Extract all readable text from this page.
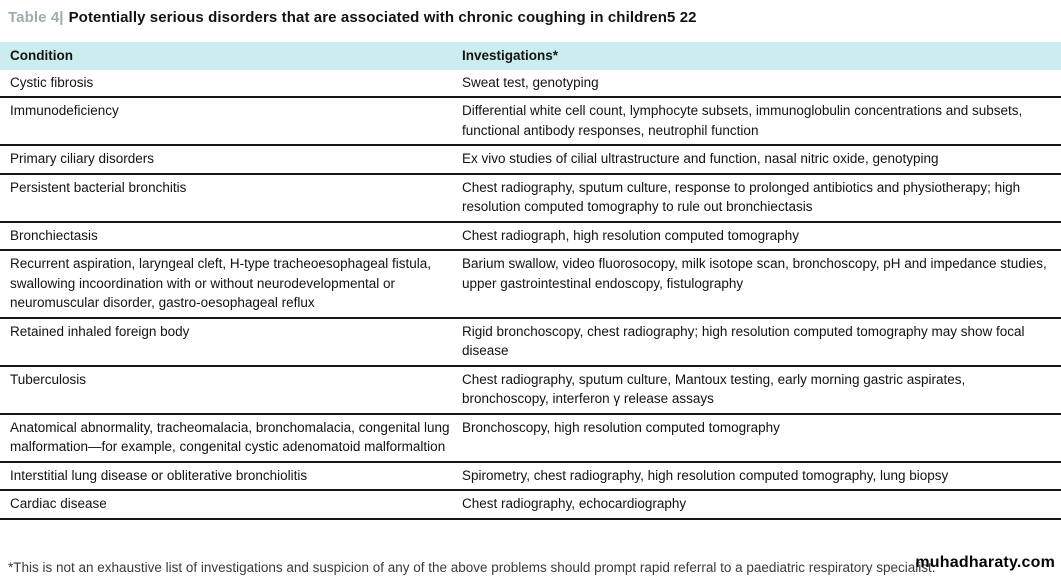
Table 4| Potentially serious disorders that are associated with chronic coughing in children5 22
Condition	Investigations*
Cystic fibrosis	Sweat test, genotyping
Immunodeficiency	Differential white cell count, lymphocyte subsets, immunoglobulin concentrations and subsets, functional antibody responses, neutrophil function
Primary ciliary disorders	Ex vivo studies of cilial ultrastructure and function, nasal nitric oxide, genotyping
Persistent bacterial bronchitis	Chest radiography, sputum culture, response to prolonged antibiotics and physiotherapy; high resolution computed tomography to rule out bronchiectasis
Bronchiectasis	Chest radiograph, high resolution computed tomography
Recurrent aspiration, laryngeal cleft, H-type tracheoesophageal fistula, swallowing incoordination with or without neurodevelopmental or neuromuscular disorder, gastro-oesophageal reflux	Barium swallow, video fluorosocopy, milk isotope scan, bronchoscopy, pH and impedance studies, upper gastrointestinal endoscopy, fistulography
Retained inhaled foreign body	Rigid bronchoscopy, chest radiography; high resolution computed tomography may show focal disease
Tuberculosis	Chest radiography, sputum culture, Mantoux testing, early morning gastric aspirates, bronchoscopy, interferon γ release assays
Anatomical abnormality, tracheomalacia, bronchomalacia, congenital lung malformation—for example, congenital cystic adenomatoid malformaltion	Bronchoscopy, high resolution computed tomography
Interstitial lung disease or obliterative bronchiolitis	Spirometry, chest radiography, high resolution computed tomography, lung biopsy
Cardiac disease	Chest radiography, echocardiography
*This is not an exhaustive list of investigations and suspicion of any of the above problems should prompt rapid referral to a paediatric respiratory specialist.
muhadharaty.com
